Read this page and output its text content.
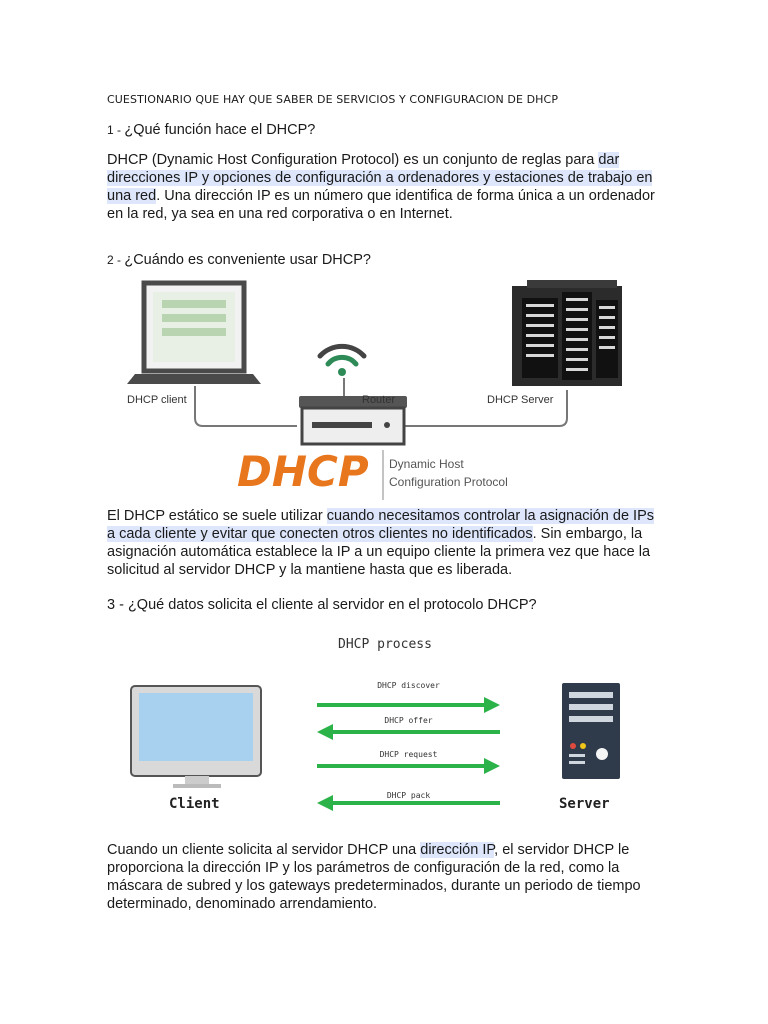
CUESTIONARIO QUE HAY QUE SABER DE SERVICIOS Y CONFIGURACION DE DHCP
1 - ¿Qué función hace el DHCP?
DHCP (Dynamic Host Configuration Protocol) es un conjunto de reglas para dar direcciones IP y opciones de configuración a ordenadores y estaciones de trabajo en una red. Una dirección IP es un número que identifica de forma única a un ordenador en la red, ya sea en una red corporativa o en Internet.
2 - ¿Cuándo es conveniente usar DHCP?
DHCP client	Router	DHCP Server
DHCP Dynamic Host
Configuration Protocol
El DHCP estático se suele utilizar cuando necesitamos controlar la asignación de IPs a cada cliente y evitar que conecten otros clientes no identificados. Sin embargo, la asignación automática establece la IP a un equipo cliente la primera vez que hace la solicitud al servidor DHCP y la mantiene hasta que es liberada.
3 - ¿Qué datos solicita el cliente al servidor en el protocolo DHCP?
DHCP process
Client	Server
DHCP discover
DHCP offer
DHCP request
DHCP pack
Cuando un cliente solicita al servidor DHCP una dirección IP, el servidor DHCP le proporciona la dirección IP y los parámetros de configuración de la red, como la máscara de subred y los gateways predeterminados, durante un periodo de tiempo determinado, denominado arrendamiento.
